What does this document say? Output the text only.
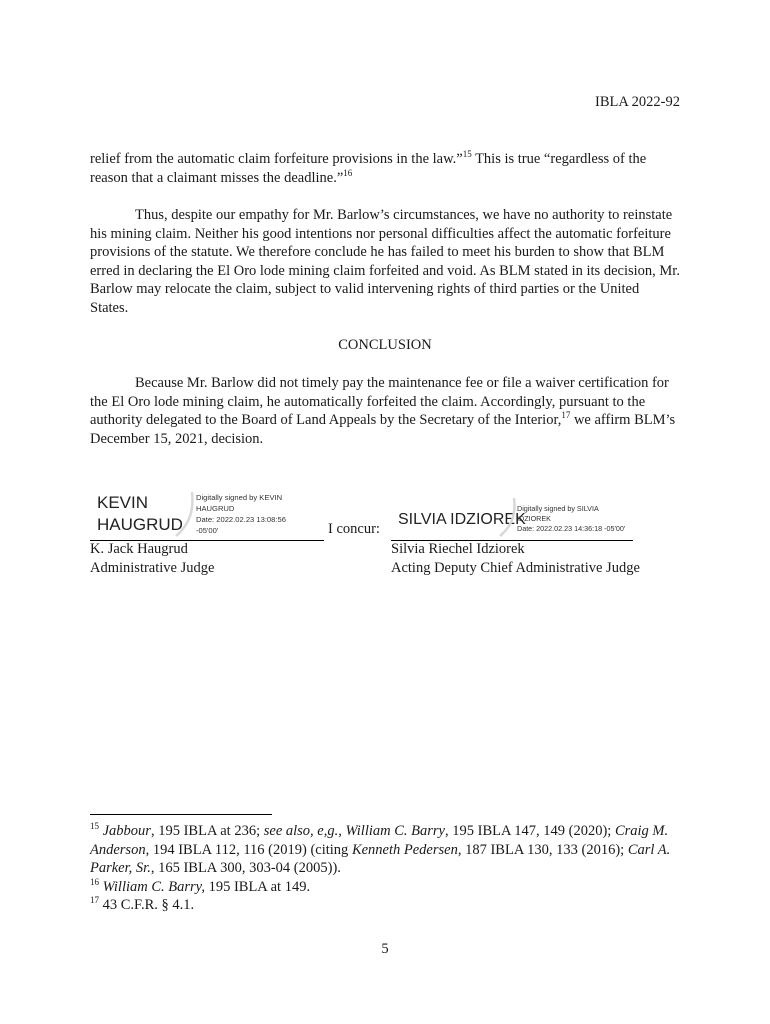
IBLA 2022-92

relief from the automatic claim forfeiture provisions in the law.”$^{15}$ This is true “regardless of the reason that a claimant misses the deadline.”$^{16}$

Thus, despite our empathy for Mr. Barlow’s circumstances, we have no authority to reinstate his mining claim. Neither his good intentions nor personal difficulties affect the automatic forfeiture provisions of the statute. We therefore conclude he has failed to meet his burden to show that BLM erred in declaring the El Oro lode mining claim forfeited and void. As BLM stated in its decision, Mr. Barlow may relocate the claim, subject to valid intervening rights of third parties or the United States.

CONCLUSION

Because Mr. Barlow did not timely pay the maintenance fee or file a waiver certification for the El Oro lode mining claim, he automatically forfeited the claim. Accordingly, pursuant to the authority delegated to the Board of Land Appeals by the Secretary of the Interior,$^{17}$ we affirm BLM’s December 15, 2021, decision.

KEVIN
HAUGRUD
Digitally signed by KEVIN
HAUGRUD
Date: 2022.02.23 13:08:56
-05'00'
K. Jack Haugrud
Administrative Judge
I concur:
SILVIA IDZIOREK
Digitally signed by SILVIA
IDZIOREK
Date: 2022.02.23 14:36:18 -05'00'
Silvia Riechel Idziorek
Acting Deputy Chief Administrative Judge

$^{15}$ Jabbour, 195 IBLA at 236; see also, e,g., William C. Barry, 195 IBLA 147, 149 (2020); Craig M. Anderson, 194 IBLA 112, 116 (2019) (citing Kenneth Pedersen, 187 IBLA 130, 133 (2016); Carl A. Parker, Sr., 165 IBLA 300, 303-04 (2005)).

$^{16}$ William C. Barry, 195 IBLA at 149.

$^{17}$ 43 C.F.R. § 4.1.

5
